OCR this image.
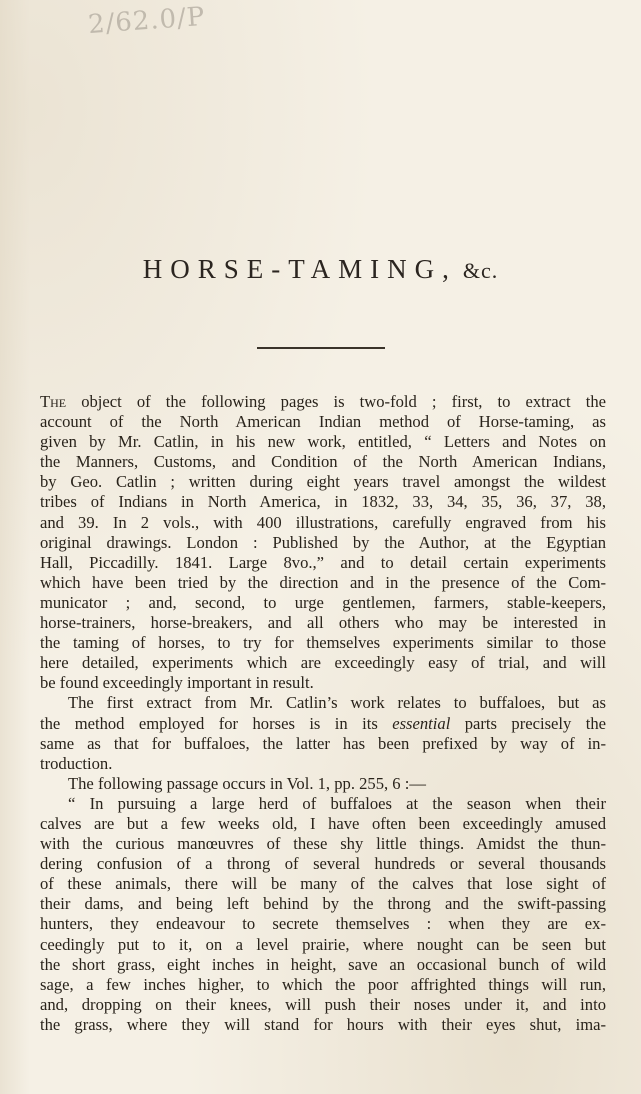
2/62.0/P
HORSE-TAMING, &c.
The object of the following pages is two-fold ; first, to extract the
account of the North American Indian method of Horse-taming, as
given by Mr. Catlin, in his new work, entitled, “ Letters and Notes on
the Manners, Customs, and Condition of the North American Indians,
by Geo. Catlin ; written during eight years travel amongst the wildest
tribes of Indians in North America, in 1832, 33, 34, 35, 36, 37, 38,
and 39. In 2 vols., with 400 illustrations, carefully engraved from his
original drawings. London : Published by the Author, at the Egyptian
Hall, Piccadilly. 1841. Large 8vo.,” and to detail certain experiments
which have been tried by the direction and in the presence of the Com-
municator ; and, second, to urge gentlemen, farmers, stable-keepers,
horse-trainers, horse-breakers, and all others who may be interested in
the taming of horses, to try for themselves experiments similar to those
here detailed, experiments which are exceedingly easy of trial, and will
be found exceedingly important in result.
The first extract from Mr. Catlin’s work relates to buffaloes, but as
the method employed for horses is in its essential parts precisely the
same as that for buffaloes, the latter has been prefixed by way of in-
troduction.
The following passage occurs in Vol. 1, pp. 255, 6 :—
“ In pursuing a large herd of buffaloes at the season when their
calves are but a few weeks old, I have often been exceedingly amused
with the curious manœuvres of these shy little things. Amidst the thun-
dering confusion of a throng of several hundreds or several thousands
of these animals, there will be many of the calves that lose sight of
their dams, and being left behind by the throng and the swift-passing
hunters, they endeavour to secrete themselves : when they are ex-
ceedingly put to it, on a level prairie, where nought can be seen but
the short grass, eight inches in height, save an occasional bunch of wild
sage, a few inches higher, to which the poor affrighted things will run,
and, dropping on their knees, will push their noses under it, and into
the grass, where they will stand for hours with their eyes shut, ima-
